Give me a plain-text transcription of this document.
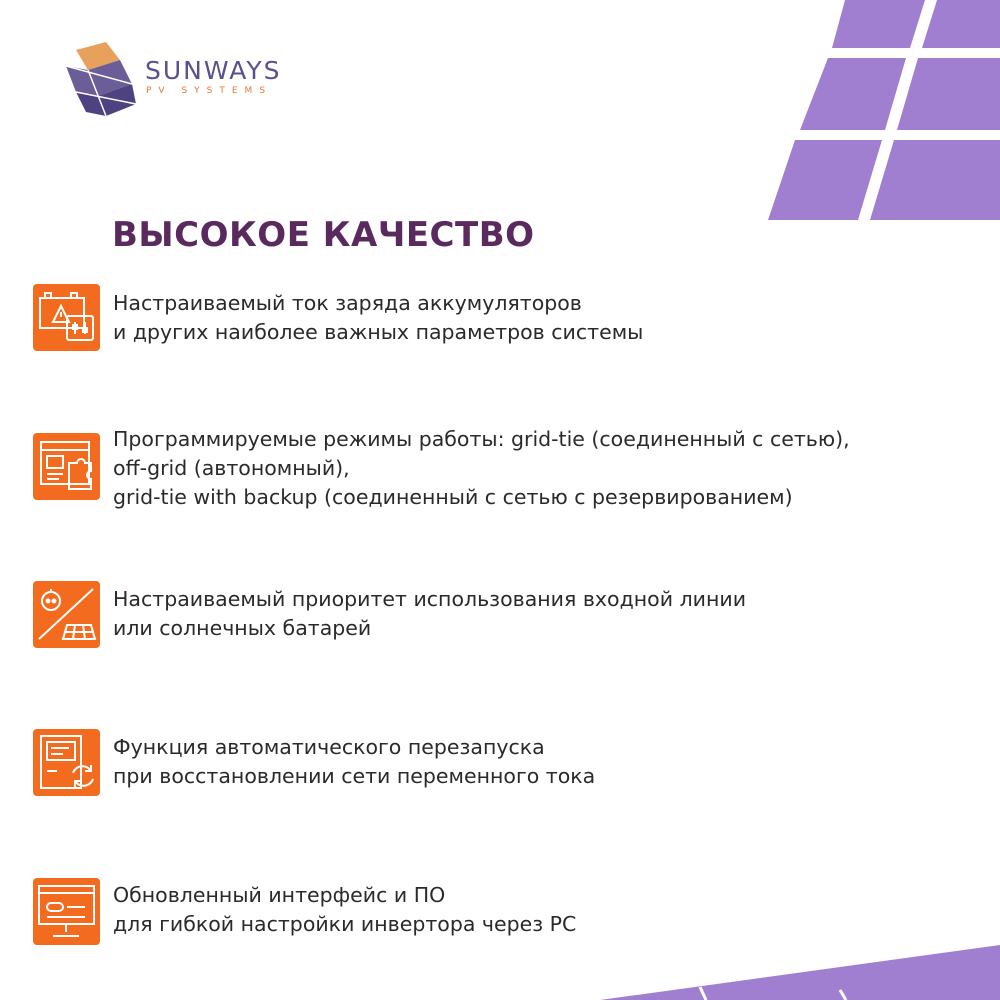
SUNWAYS
PV SYSTEMS
ВЫСОКОЕ КАЧЕСТВО
Настраиваемый ток заряда аккумуляторов
и других наиболее важных параметров системы
Программируемые режимы работы: grid-tie (соединенный с сетью),
off-grid (автономный),
grid-tie with backup (соединенный с сетью с резервированием)
Настраиваемый приоритет использования входной линии
или солнечных батарей
Функция автоматического перезапуска
при восстановлении сети переменного тока
Обновленный интерфейс и ПО
для гибкой настройки инвертора через PC
